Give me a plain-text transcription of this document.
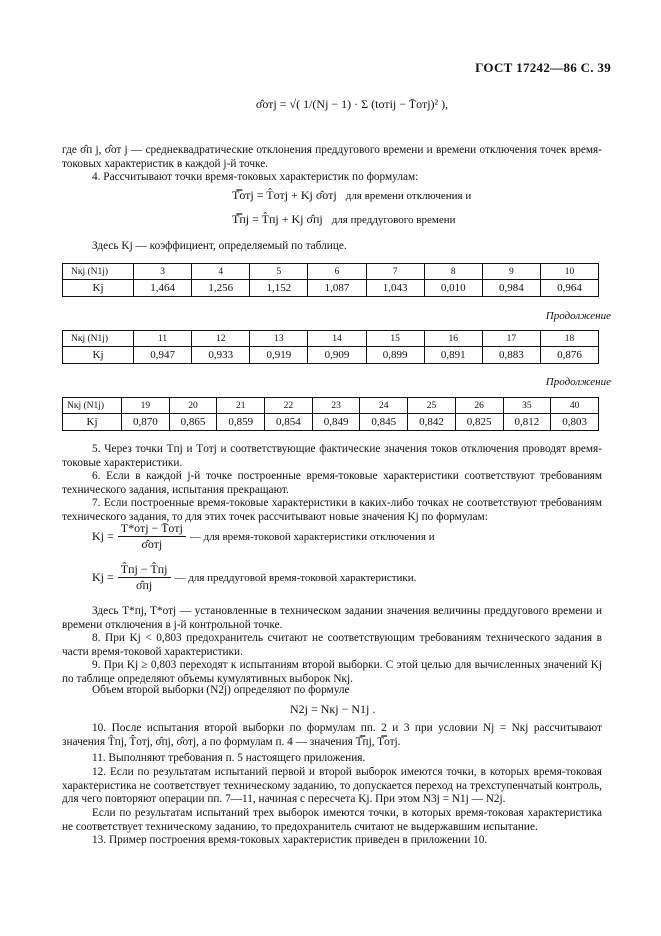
ГОСТ 17242—86 С. 39
σ̂отj = √( 1/(Nj − 1) · Σ (tотij − T̄отj)² ),
где σ̂п j, σ̂от j — среднеквадратические отклонения преддугового времени и времени отключения точек время-токовых характеристик в каждой j-й точке.
4. Рассчитывают точки время-токовых характеристик по формулам:
T̿отj = T̂отj + Kj σ̂отj для времени отключения и
T̿пj = T̂пj + Kj σ̂пj для преддугового времени
Здесь Kj — коэффициент, определяемый по таблице.
Nкj (N1j)	3	4	5	6	7	8	9	10
Kj	1,464	1,256	1,152	1,087	1,043	0,010	0,984	0,964
Продолжение
Nкj (N1j)	11	12	13	14	15	16	17	18
Kj	0,947	0,933	0,919	0,909	0,899	0,891	0,883	0,876
Продолжение
Nкj (N1j)	19	20	21	22	23	24	25	26	35	40
Kj	0,870	0,865	0,859	0,854	0,849	0,845	0,842	0,825	0,812	0,803
5. Через точки Tпj и Tотj и соответствующие фактические значения токов отключения проводят время-токовые характеристики.
6. Если в каждой j-й точке построенные время-токовые характеристики соответствуют требованиям технического задания, испытания прекращают.
7. Если построенные время-токовые характеристики в каких-либо точках не соответствуют требованиям технического задания, то для этих точек рассчитывают новые значения Kj по формулам:
$Kj = \frac{\text{T*отj − T̄отj}}{\text{σ̂отj}}$ — для время-токовой характеристики отключения и
$Kj = \frac{T̂пj - T̂пj}{\sigmâпj}$ — для преддуговой время-токовой характеристики.
Здесь T*пj, T*отj — установленные в техническом задании значения величины преддугового времени и времени отключения в j-й контрольной точке.
8. При Kj < 0,803 предохранитель считают не соответствующим требованиям технического задания в части время-токовой характеристики.
9. При Kj ≥ 0,803 переходят к испытаниям второй выборки. С этой целью для вычисленных значений Kj по таблице определяют объемы кумулятивных выборок Nкj.
Объем второй выборки (N2j) определяют по формуле
N2j = Nкj − N1j .
10. После испытания второй выборки по формулам пп. 2 и 3 при условии Nj = Nкj рассчитывают значения T̂пj, T̂отj, σ̂пj, σ̂отj, а по формулам п. 4 — значения T̿пj, T̿отj.
11. Выполняют требования п. 5 настоящего приложения.
12. Если по результатам испытаний первой и второй выборок имеются точки, в которых время-токовая характеристика не соответствует техническому заданию, то допускается переход на трехступенчатый контроль, для чего повторяют операции пп. 7—11, начиная с пересчета Kj. При этом N3j = N1j — N2j.
Если по результатам испытаний трех выборок имеются точки, в которых время-токовая характеристика не соответствует техническому заданию, то предохранитель считают не выдержавшим испытание.
13. Пример построения время-токовых характеристик приведен в приложении 10.
